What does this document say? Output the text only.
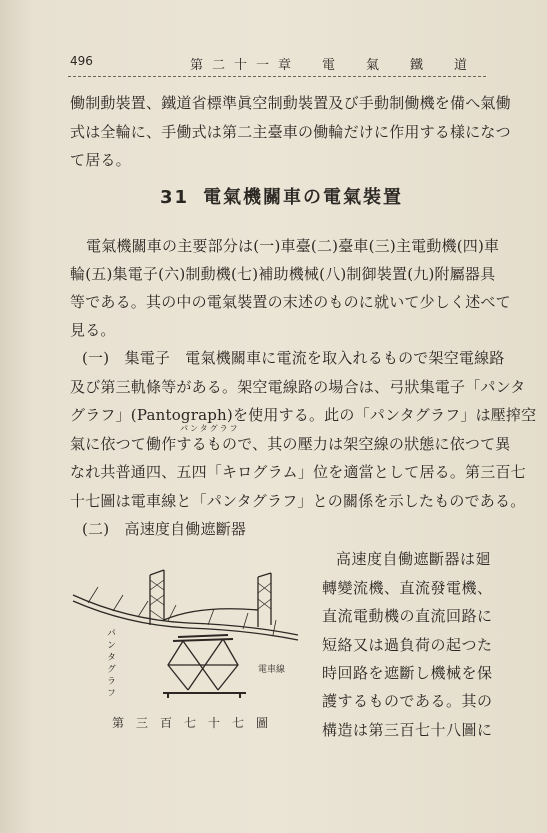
496	第二十一章　電　氣　鐵　道
働制動裝置、鐵道省標準眞空制動裝置及び手動制働機を備へ氣働
式は全輪に、手働式は第二主臺車の働輪だけに作用する樣になつ
て居る。
31 電氣機關車の電氣裝置
電氣機關車の主要部分は(一)車臺(二)臺車(三)主電動機(四)車
輪(五)集電子(六)制動機(七)補助機械(八)制御裝置(九)附屬器具
等である。其の中の電氣裝置の末述のものに就いて少しく述べて
見る。
(一)　集電子　電氣機關車に電流を取入れるもので架空電線路
及び第三軌條等がある。架空電線路の場合は、弓狀集電子「パンタ
パンタグラフ
グラフ」(Pantograph)を使用する。此の「パンタグラフ」は壓搾空
氣に依つて働作するもので、其の壓力は架空線の狀態に依つて異
なれ共普通四、五四「キログラム」位を適當として居る。第三百七
十七圖は電車線と「パンタグラフ」との關係を示したものである。
(二)　高速度自働遮斷器
高速度自働遮斷器は廻
轉變流機、直流發電機、
直流電動機の直流回路に
短絡又は過負荷の起つた
時回路を遮斷し機械を保
護するものである。其の
構造は第三百七十八圖に
パンタグラフ	電車線
第三百七十七圖
